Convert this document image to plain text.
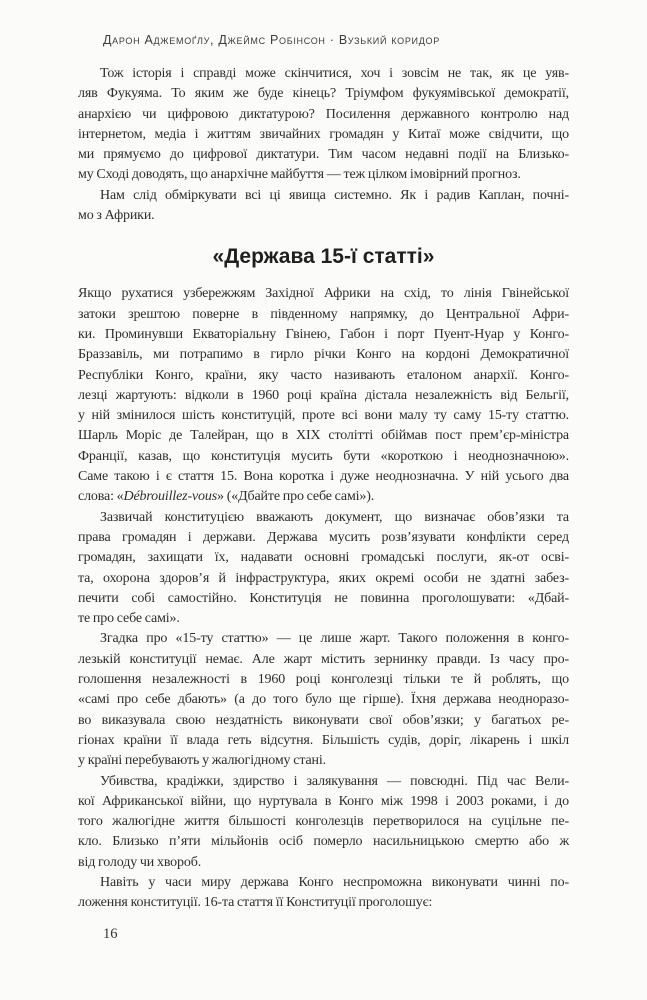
Дарон Аджемоґлу, Джеймс Робінсон · Вузький коридор
Тож історія і справді може скінчитися, хоч і зовсім не так, як це уяв-
ляв Фукуяма. То яким же буде кінець? Тріумфом фукуямівської демократії,
анархією чи цифровою диктатурою? Посилення державного контролю над
інтернетом, медіа і життям звичайних громадян у Китаї може свідчити, що
ми прямуємо до цифрової диктатури. Тим часом недавні події на Близько-
му Сході доводять, що анархічне майбуття — теж цілком імовірний прогноз.
Нам слід обміркувати всі ці явища системно. Як і радив Каплан, почні-
мо з Африки.
«Держава 15-ї статті»
Якщо рухатися узбережжям Західної Африки на схід, то лінія Гвінейської
затоки зрештою поверне в південному напрямку, до Центральної Афри-
ки. Проминувши Екваторіальну Гвінею, Габон і порт Пуент-Нуар у Конго-
Браззавіль, ми потрапимо в гирло річки Конго на кордоні Демократичної
Республіки Конго, країни, яку часто називають еталоном анархії. Конго-
лезці жартують: відколи в 1960 році країна дістала незалежність від Бельгії,
у ній змінилося шість конституцій, проте всі вони малу ту саму 15-ту статтю.
Шарль Моріс де Талейран, що в XIX столітті обіймав пост прем’єр-міністра
Франції, казав, що конституція мусить бути «короткою і неоднозначною».
Саме такою і є стаття 15. Вона коротка і дуже неоднозначна. У ній усього два
слова: «Débrouillez-vous» («Дбайте про себе самі»).
Зазвичай конституцією вважають документ, що визначає обов’язки та
права громадян і держави. Держава мусить розв’язувати конфлікти серед
громадян, захищати їх, надавати основні громадські послуги, як-от осві-
та, охорона здоров’я й інфраструктура, яких окремі особи не здатні забез-
печити собі самостійно. Конституція не повинна проголошувати: «Дбай-
те про себе самі».
Згадка про «15-ту статтю» — це лише жарт. Такого положення в конго-
лезькій конституції немає. Але жарт містить зернинку правди. Із часу про-
голошення незалежності в 1960 році конголезці тільки те й роблять, що
«самі про себе дбають» (а до того було ще гірше). Їхня держава неодноразо-
во виказувала свою нездатність виконувати свої обов’язки; у багатьох ре-
гіонах країни її влада геть відсутня. Більшість судів, доріг, лікарень і шкіл
у країні перебувають у жалюгідному стані.
Убивства, крадіжки, здирство і залякування — повсюдні. Під час Вели-
кої Африканської війни, що нуртувала в Конго між 1998 і 2003 роками, і до
того жалюгідне життя більшості конголезців перетворилося на суцільне пе-
кло. Близько п’яти мільйонів осіб померло насильницькою смертю або ж
від голоду чи хвороб.
Навіть у часи миру держава Конго неспроможна виконувати чинні по-
ложення конституції. 16-та стаття її Конституції проголошує:
16
